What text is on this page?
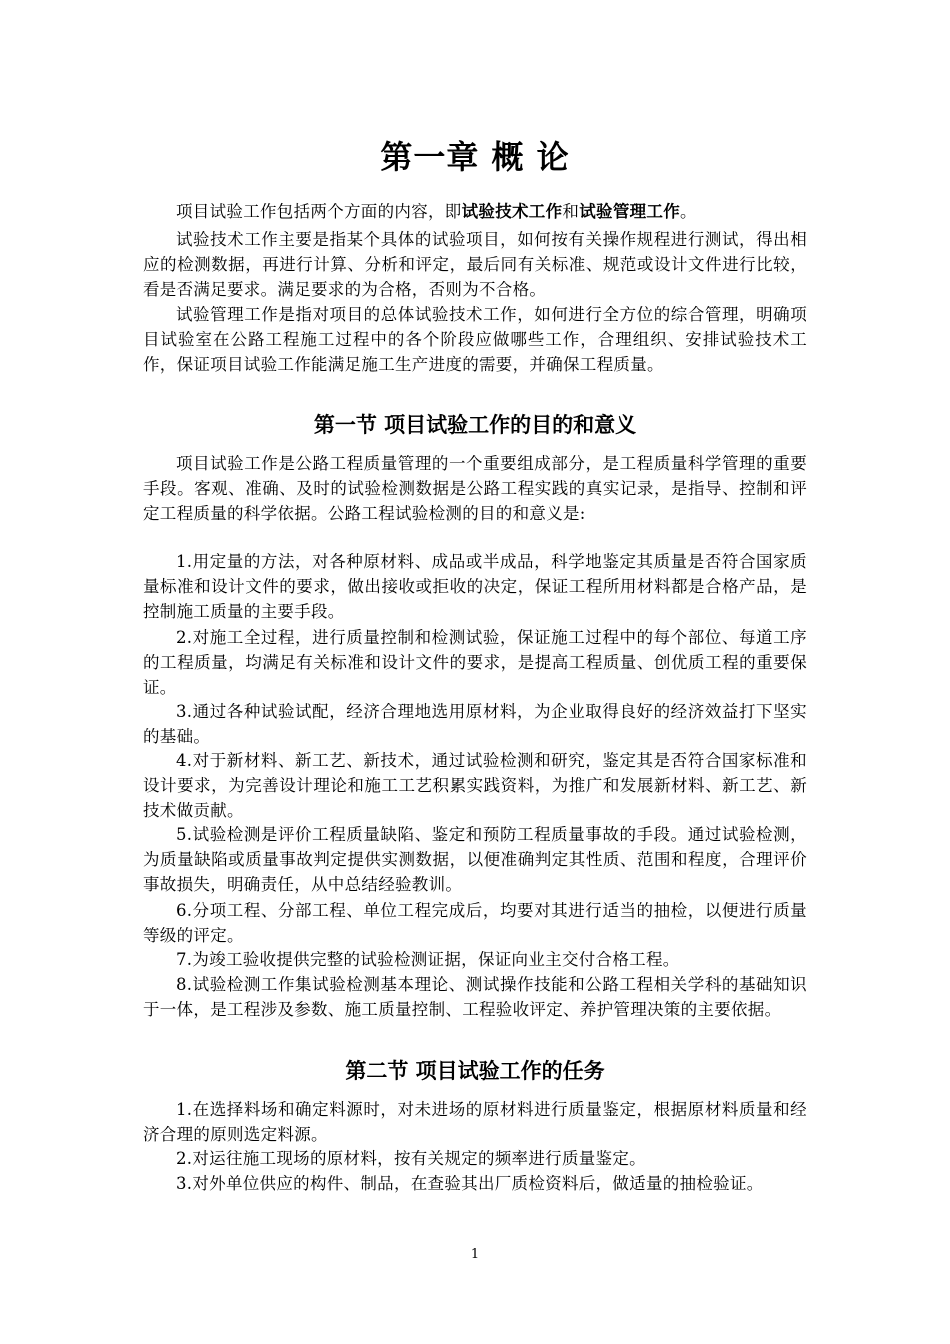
第一章 概 论

项目试验工作包括两个方面的内容，即试验技术工作和试验管理工作。

试验技术工作主要是指某个具体的试验项目，如何按有关操作规程进行测试，得出相应的检测数据，再进行计算、分析和评定，最后同有关标准、规范或设计文件进行比较，看是否满足要求。满足要求的为合格，否则为不合格。

试验管理工作是指对项目的总体试验技术工作，如何进行全方位的综合管理，明确项目试验室在公路工程施工过程中的各个阶段应做哪些工作，合理组织、安排试验技术工作，保证项目试验工作能满足施工生产进度的需要，并确保工程质量。

第一节 项目试验工作的目的和意义

项目试验工作是公路工程质量管理的一个重要组成部分，是工程质量科学管理的重要手段。客观、准确、及时的试验检测数据是公路工程实践的真实记录，是指导、控制和评定工程质量的科学依据。公路工程试验检测的目的和意义是:

1.用定量的方法，对各种原材料、成品或半成品，科学地鉴定其质量是否符合国家质量标准和设计文件的要求，做出接收或拒收的决定，保证工程所用材料都是合格产品，是控制施工质量的主要手段。

2.对施工全过程，进行质量控制和检测试验，保证施工过程中的每个部位、每道工序的工程质量，均满足有关标准和设计文件的要求，是提高工程质量、创优质工程的重要保证。

3.通过各种试验试配，经济合理地选用原材料，为企业取得良好的经济效益打下坚实的基础。

4.对于新材料、新工艺、新技术，通过试验检测和研究，鉴定其是否符合国家标准和设计要求，为完善设计理论和施工工艺积累实践资料，为推广和发展新材料、新工艺、新技术做贡献。

5.试验检测是评价工程质量缺陷、鉴定和预防工程质量事故的手段。通过试验检测，为质量缺陷或质量事故判定提供实测数据，以便准确判定其性质、范围和程度，合理评价事故损失，明确责任，从中总结经验教训。

6.分项工程、分部工程、单位工程完成后，均要对其进行适当的抽检，以便进行质量等级的评定。

7.为竣工验收提供完整的试验检测证据，保证向业主交付合格工程。

8.试验检测工作集试验检测基本理论、测试操作技能和公路工程相关学科的基础知识于一体，是工程涉及参数、施工质量控制、工程验收评定、养护管理决策的主要依据。

第二节 项目试验工作的任务

1.在选择料场和确定料源时，对未进场的原材料进行质量鉴定，根据原材料质量和经济合理的原则选定料源。

2.对运往施工现场的原材料，按有关规定的频率进行质量鉴定。

3.对外单位供应的构件、制品，在查验其出厂质检资料后，做适量的抽检验证。

1
